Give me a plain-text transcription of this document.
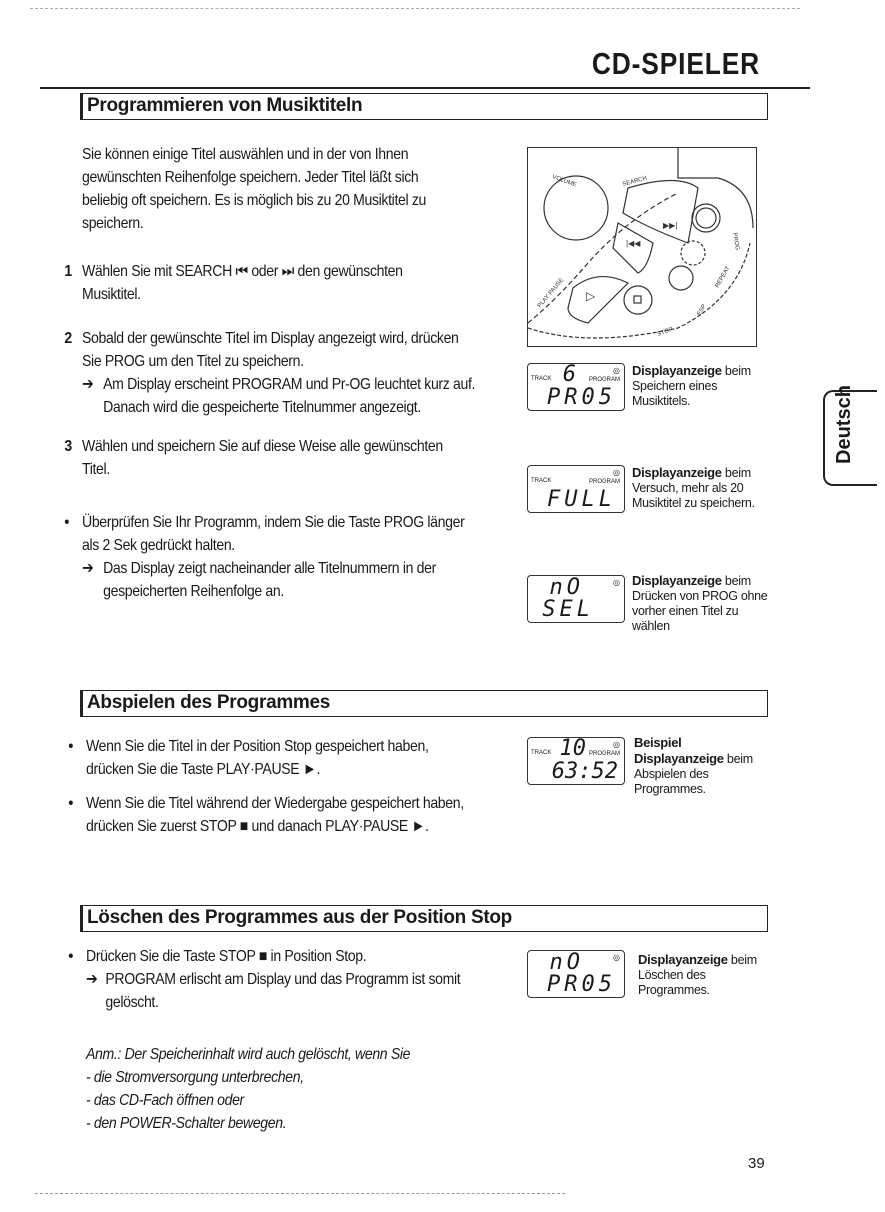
CD-SPIELER
Programmieren von Musiktiteln
Sie können einige Titel auswählen und in der von Ihnen
gewünschten Reihenfolge speichern. Jeder Titel läßt sich
beliebig oft speichern. Es is möglich bis zu 20 Musiktitel zu
speichern.
1 Wählen Sie mit SEARCH ⏮ oder ⏭ den gewünschten
Musiktitel.
2 Sobald der gewünschte Titel im Display angezeigt wird, drücken
Sie PROG um den Titel zu speichern.
➔ Am Display erscheint PROGRAM und Pr-OG leuchtet kurz auf.
Danach wird die gespeicherte Titelnummer angezeigt.
3 Wählen und speichern Sie auf diese Weise alle gewünschten
Titel.
• Überprüfen Sie Ihr Programm, indem Sie die Taste PROG länger
als 2 Sek gedrückt halten.
➔ Das Display zeigt nacheinander alle Titelnummern in der
gespeicherten Reihenfolge an.
▶▶|
|◀◀
▷
VOLUME	SEARCH
PLAY·PAUSE
STOP
PROG
REPEAT
ESP
◎
TRACK	PROGRAM
6
PR05
Displayanzeige beim
Speichern eines
Musiktitels.
◎
TRACK	PROGRAM
FULL
Displayanzeige beim
Versuch, mehr als 20
Musiktitel zu speichern.
◎
nO
SEL
Displayanzeige beim
Drücken von PROG ohne
vorher einen Titel zu
wählen
Deutsch
Abspielen des Programmes
• Wenn Sie die Titel in der Position Stop gespeichert haben,
drücken Sie die Taste PLAY·PAUSE ►.
• Wenn Sie die Titel während der Wiedergabe gespeichert haben,
drücken Sie zuerst STOP ■ und danach PLAY·PAUSE ►.
◎
TRACK	PROGRAM
10
63:52
Beispiel
Displayanzeige beim
Abspielen des
Programmes.
Löschen des Programmes aus der Position Stop
• Drücken Sie die Taste STOP ■ in Position Stop.
➔ PROGRAM erlischt am Display und das Programm ist somit
gelöscht.
◎
nO
PR05
Displayanzeige beim
Löschen des
Programmes.
Anm.: Der Speicherinhalt wird auch gelöscht, wenn Sie
- die Stromversorgung unterbrechen,
- das CD-Fach öffnen oder
- den POWER-Schalter bewegen.
39
